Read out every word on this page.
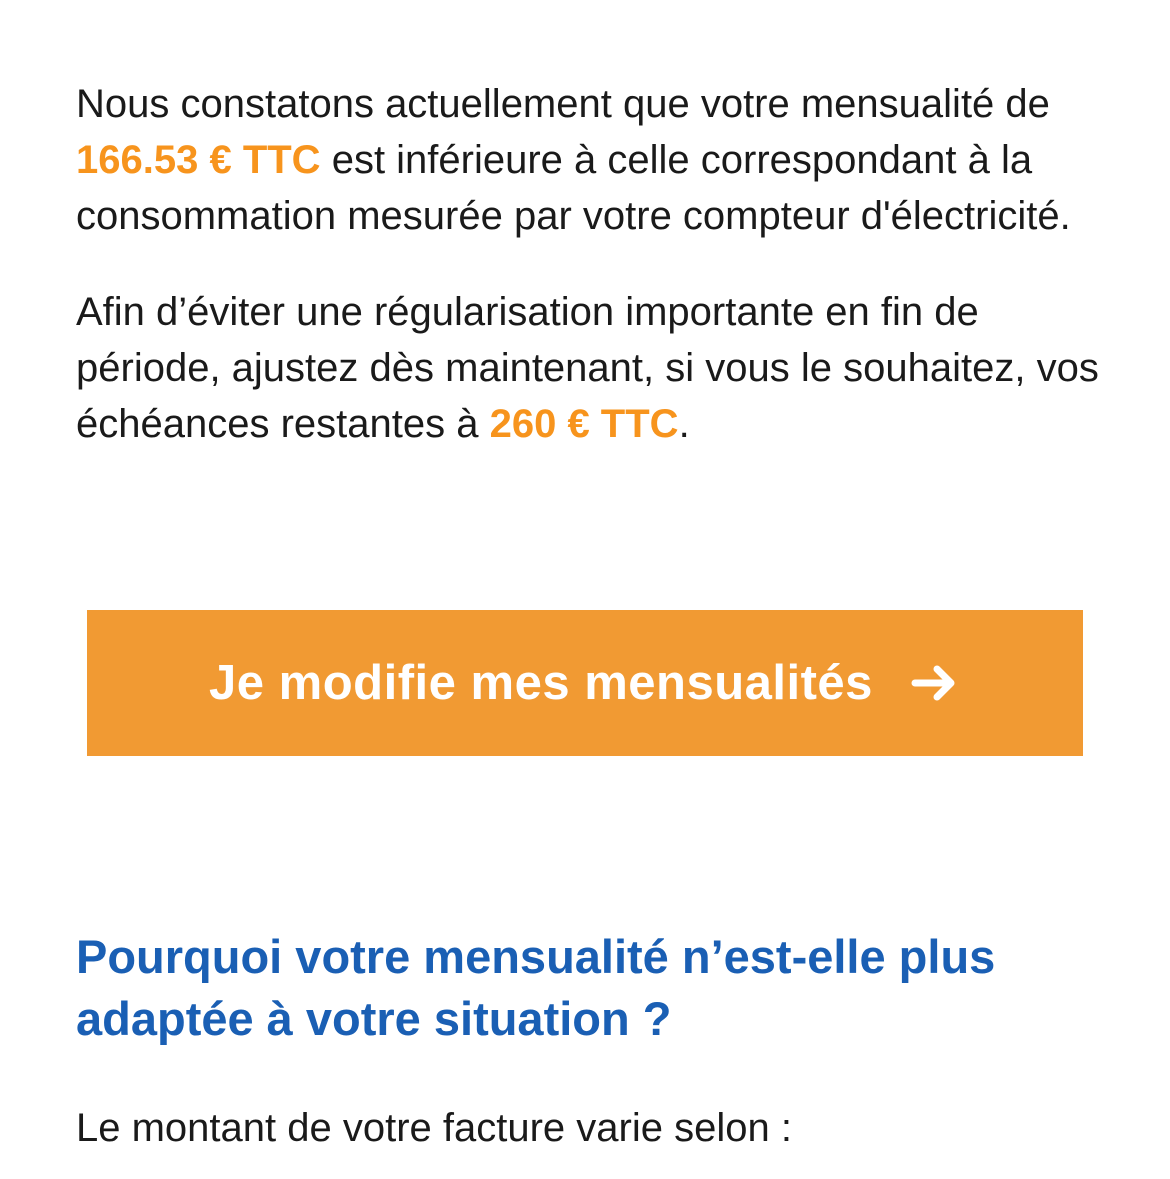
Nous constatons actuellement que votre mensualité de 166.53 € TTC est inférieure à celle correspondant à la consommation mesurée par votre compteur d'électricité.

Afin d’éviter une régularisation importante en fin de période, ajustez dès maintenant, si vous le souhaitez, vos échéances restantes à 260 € TTC.

Je modifie mes mensualités
Pourquoi votre mensualité n’est-elle plus adaptée à votre situation ?

Le montant de votre facture varie selon :
